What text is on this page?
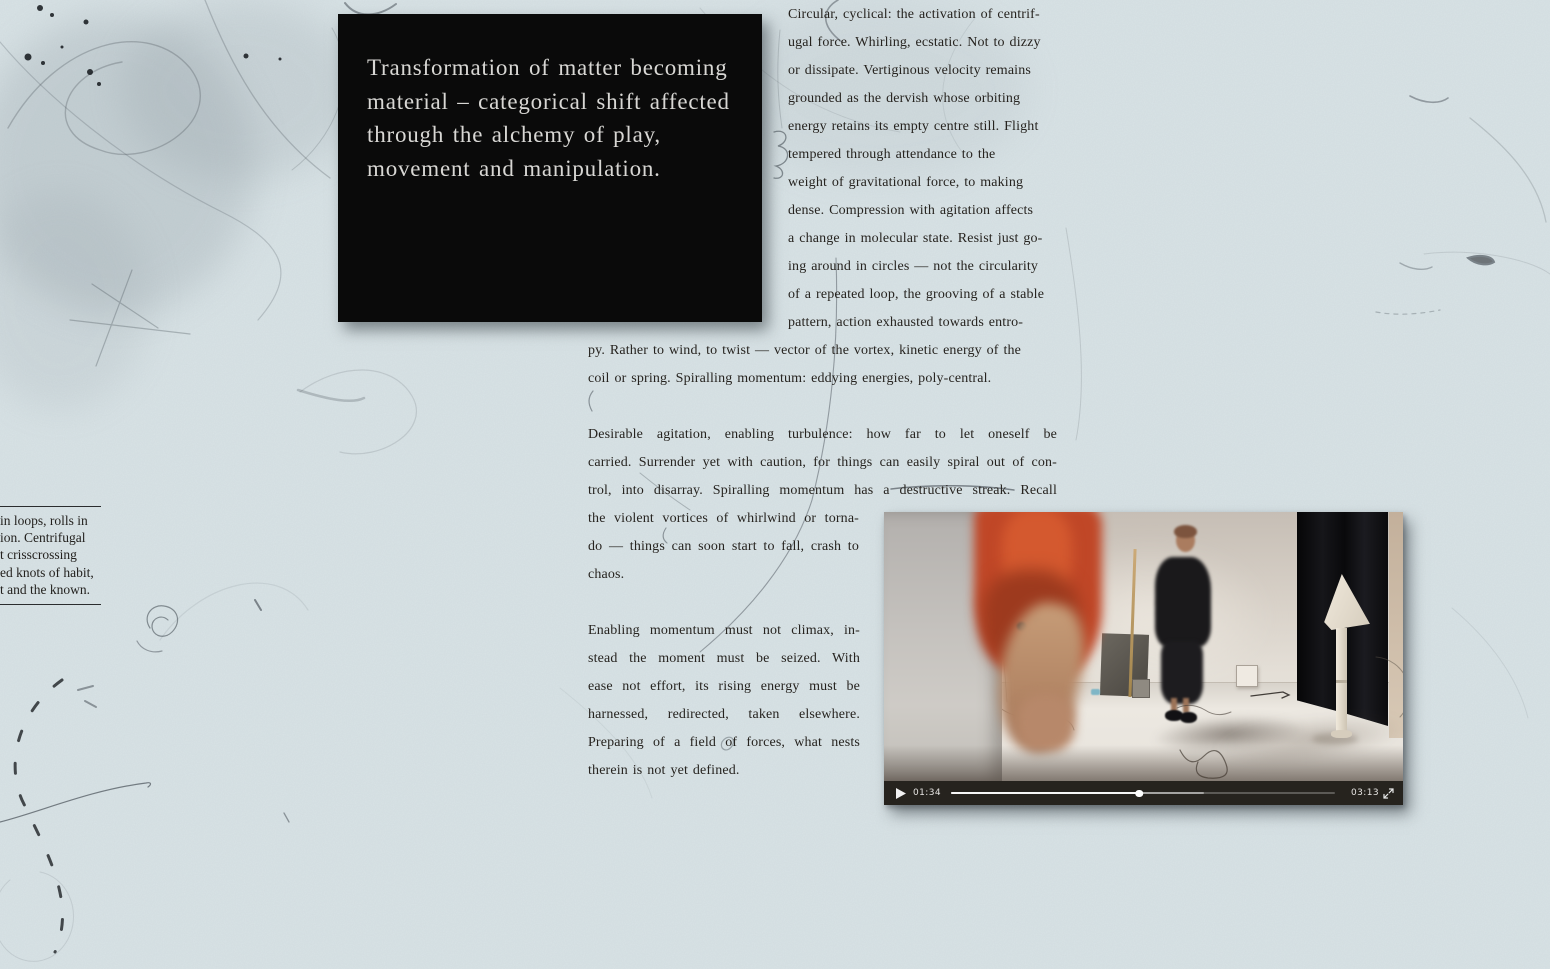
Transformation of matter becoming
material – categorical shift affected
through the alchemy of play,
movement and manipulation.
Circular, cyclical: the activation of centrif-
ugal force. Whirling, ecstatic. Not to dizzy
or dissipate. Vertiginous velocity remains
grounded as the dervish whose orbiting
energy retains its empty centre still. Flight
tempered through attendance to the
weight of gravitational force, to making
dense. Compression with agitation affects
a change in molecular state. Resist just go-
ing around in circles — not the circularity
of a repeated loop, the grooving of a stable
pattern, action exhausted towards entro-
py. Rather to wind, to twist — vector of the vortex, kinetic energy of the
coil or spring. Spiralling momentum: eddying energies, poly-central.
Desirable agitation, enabling turbulence: how far to let oneself be
carried. Surrender yet with caution, for things can easily spiral out of con-
trol, into disarray. Spiralling momentum has a destructive streak. Recall
the violent vortices of whirlwind or torna-
do — things can soon start to fall, crash to
chaos.
Enabling momentum must not climax, in-
stead the moment must be seized. With
ease not effort, its rising energy must be
harnessed, redirected, taken elsewhere.
Preparing of a field of forces, what nests
therein is not yet defined.
in loops, rolls in
ion. Centrifugal
t crisscrossing
ed knots of habit,
t and the known.
01:34	03:13
